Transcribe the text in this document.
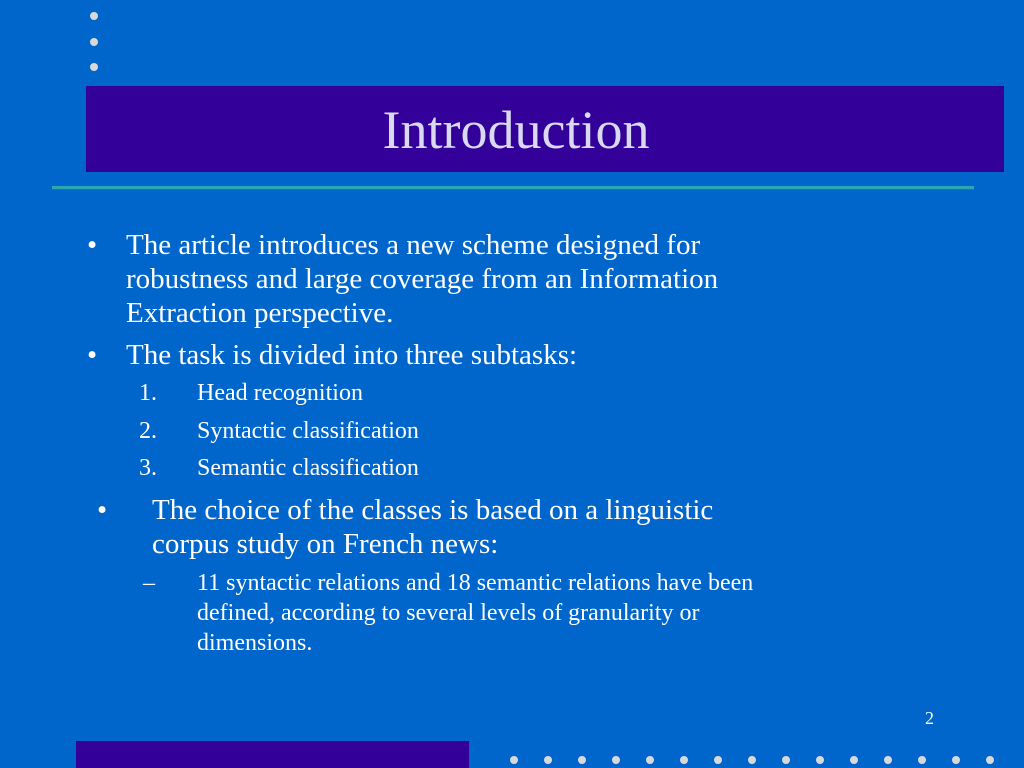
Introduction
• The article introduces a new scheme designed for
robustness and large coverage from an Information
Extraction perspective.
• The task is divided into three subtasks:
1. Head recognition
2. Syntactic classification
3. Semantic classification
• The choice of the classes is based on a linguistic
corpus study on French news:
– 11 syntactic relations and 18 semantic relations have been
defined, according to several levels of granularity or
dimensions.
2
